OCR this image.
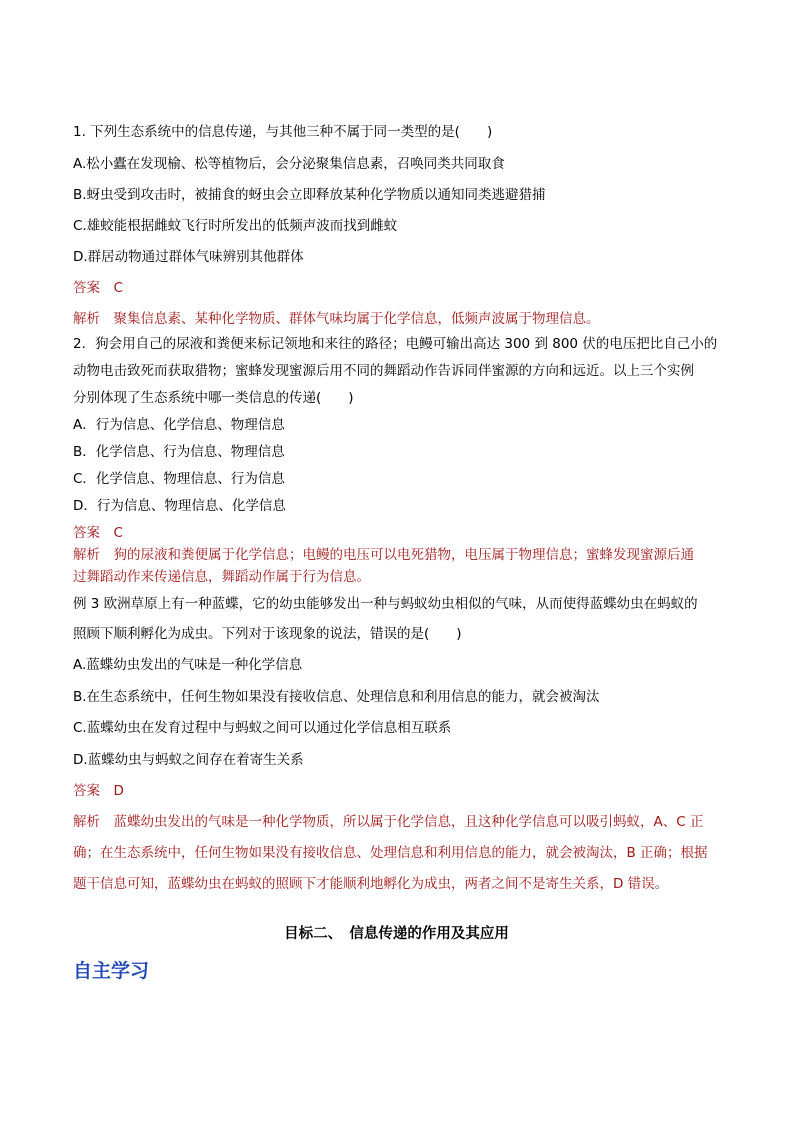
1. 下列生态系统中的信息传递，与其他三种不属于同一类型的是(　　)
A.松小蠹在发现榆、松等植物后，会分泌聚集信息素，召唤同类共同取食
B.蚜虫受到攻击时，被捕食的蚜虫会立即释放某种化学物质以通知同类逃避猎捕
C.雄蛟能根据雌蚊飞行时所发出的低频声波而找到雌蚊
D.群居动物通过群体气味辨别其他群体
答案　C
解析　聚集信息素、某种化学物质、群体气味均属于化学信息，低频声波属于物理信息。
2．狗会用自己的尿液和粪便来标记领地和来往的路径；电鳗可输出高达 300 到 800 伏的电压把比自己小的
动物电击致死而获取猎物；蜜蜂发现蜜源后用不同的舞蹈动作告诉同伴蜜源的方向和远近。以上三个实例
分别体现了生态系统中哪一类信息的传递(　　)
A．行为信息、化学信息、物理信息
B．化学信息、行为信息、物理信息
C．化学信息、物理信息、行为信息
D．行为信息、物理信息、化学信息
答案　C
解析　狗的尿液和粪便属于化学信息；电鳗的电压可以电死猎物，电压属于物理信息；蜜蜂发现蜜源后通
过舞蹈动作来传递信息，舞蹈动作属于行为信息。
例 3 欧洲草原上有一种蓝蝶，它的幼虫能够发出一种与蚂蚁幼虫相似的气味，从而使得蓝蝶幼虫在蚂蚁的
照顾下顺利孵化为成虫。下列对于该现象的说法，错误的是(　　)
A.蓝蝶幼虫发出的气味是一种化学信息
B.在生态系统中，任何生物如果没有接收信息、处理信息和利用信息的能力，就会被淘汰
C.蓝蝶幼虫在发育过程中与蚂蚁之间可以通过化学信息相互联系
D.蓝蝶幼虫与蚂蚁之间存在着寄生关系
答案　D
解析　蓝蝶幼虫发出的气味是一种化学物质，所以属于化学信息，且这种化学信息可以吸引蚂蚁，A、C 正
确；在生态系统中，任何生物如果没有接收信息、处理信息和利用信息的能力，就会被淘汰，B 正确；根据
题干信息可知，蓝蝶幼虫在蚂蚁的照顾下才能顺利地孵化为成虫，两者之间不是寄生关系，D 错误。
目标二、　信息传递的作用及其应用
自主学习
